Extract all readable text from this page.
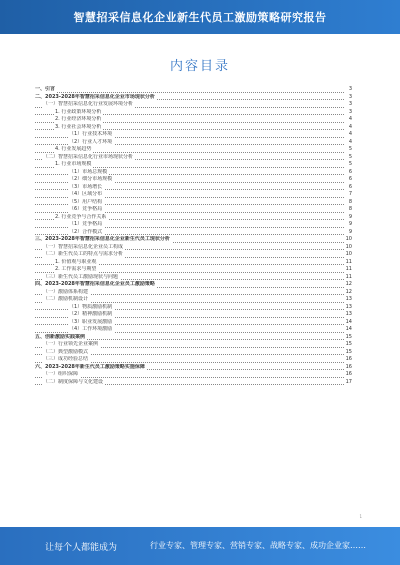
智慧招采信息化企业新生代员工激励策略研究报告
内容目录
一、引言	3
二、2023-2028年智慧招采信息化企业市场现状分析	3
（一）智慧招采信息化行业发展环境分析	3
1. 行业政策环境分析	3
2. 行业经济环境分析	4
3. 行业社会环境分析	4
（1）行业技术环境	4
（2）行业人才环境	4
4. 行业发展趋势	5
（二）智慧招采信息化行业市场现状分析	5
1. 行业市场规模	5
（1）市场总规模	6
（2）细分市场规模	6
（3）市场增长	6
（4）区域分布	7
（5）用户结构	8
（6）竞争格局	8
2. 行业竞争与合作关系	9
（1）竞争格局	9
（2）合作模式	9
三、2023-2028年智慧招采信息化企业新生代员工现状分析	10
（一）智慧招采信息化企业员工构成	10
（二）新生代员工的特点与需求分析	10
1. 价值观与职业观	11
2. 工作需求与期望	11
（三）新生代员工激励现状与问题	11
四、2023-2028年智慧招采信息化企业员工激励策略	12
（一）激励体系构建	12
（二）激励机制设计	13
（1）物质激励机制	13
（2）精神激励机制	13
（3）职业发展激励	14
（4）工作环境激励	14
五、创新激励实践案例	15
（一）行业领先企业案例	15
（二）典型激励模式	15
（三）成功经验总结	16
六、2023-2028年新生代员工激励策略实施保障	16
（一）组织保障	16
（二）制度保障与文化建设	17
1
让每个人都能成为	行业专家、管理专家、营销专家、战略专家、成功企业家……
